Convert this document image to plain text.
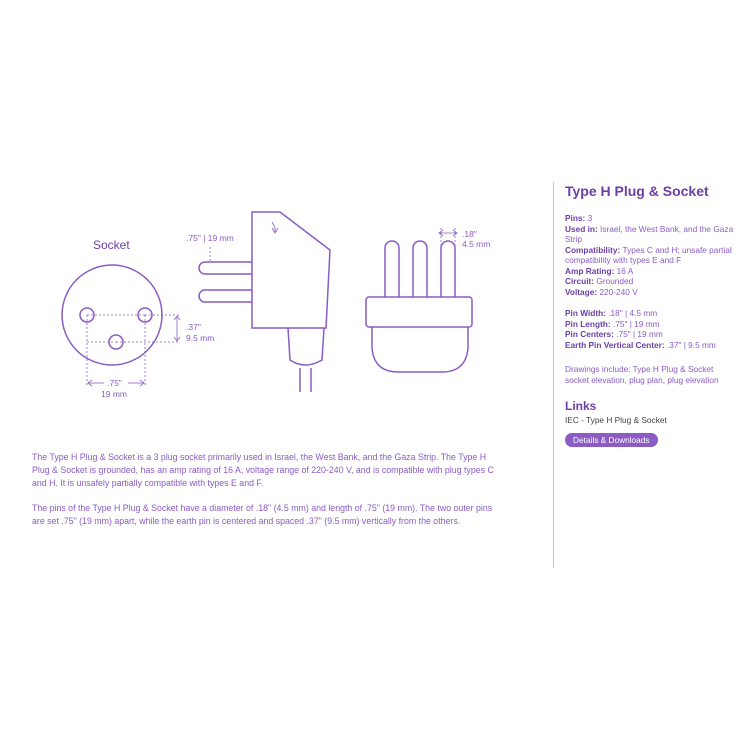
Socket
.37"
9.5 mm
.75"
19 mm
.75" | 19 mm	.18"
4.5 mm
The Type H Plug & Socket is a 3 plug socket primarily used in Israel, the West Bank, and the Gaza Strip. The Type H Plug & Socket is grounded, has an amp rating of 16 A, voltage range of 220-240 V, and is compatible with plug types C and H. It is unsafely partially compatible with types E and F.
The pins of the Type H Plug & Socket have a diameter of .18" (4.5 mm) and length of .75" (19 mm). The two outer pins are set .75" (19 mm) apart, while the earth pin is centered and spaced .37" (9.5 mm) vertically from the others.
Type H Plug & Socket
Pins: 3
Used in: Israel, the West Bank, and the Gaza Strip
Compatibility: Types C and H; unsafe partial compatibility with types E and F
Amp Rating: 16 A
Circuit: Grounded
Voltage: 220-240 V
Pin Width: .18" | 4.5 mm
Pin Length: .75" | 19 mm
Pin Centers: .75" | 19 mm
Earth Pin Vertical Center: .37" | 9.5 mm
Drawings include: Type H Plug & Socket socket elevation, plug plan, plug elevation
Links
IEC - Type H Plug & Socket
Details & Downloads
